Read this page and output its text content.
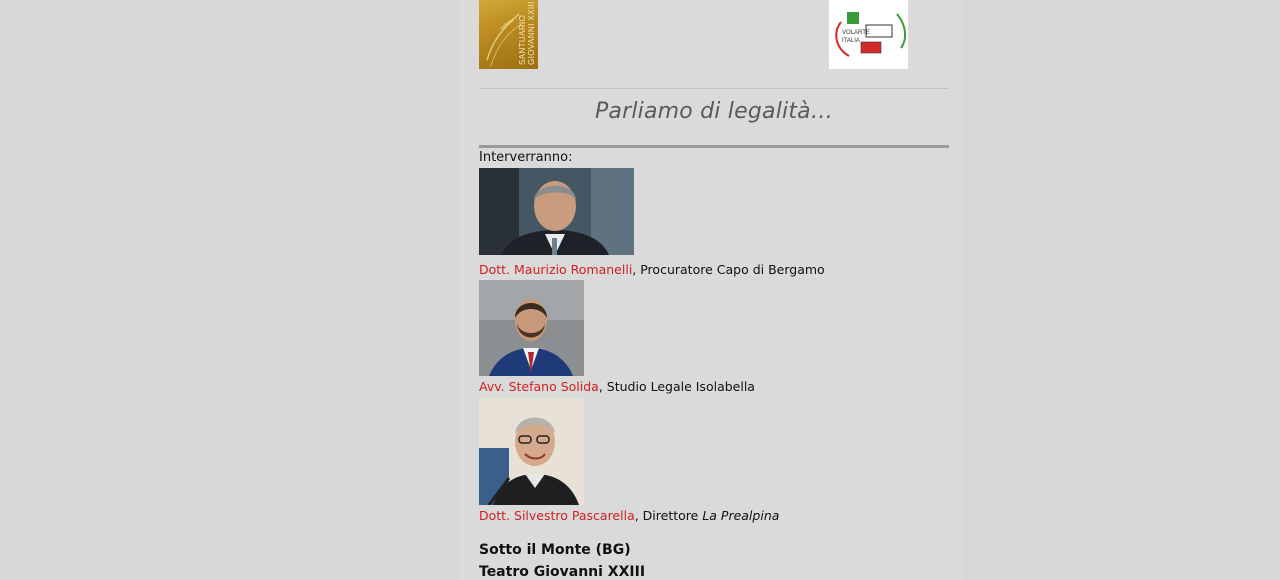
SANTUARIO GIOVANNI XXIII	VOLARTE
ITALIA
Parliamo di legalità…
Interverranno:
Dott. Maurizio Romanelli, Procuratore Capo di Bergamo
Avv. Stefano Solida, Studio Legale Isolabella
Dott. Silvestro Pascarella, Direttore La Prealpina
Sotto il Monte (BG)
Teatro Giovanni XXIII
